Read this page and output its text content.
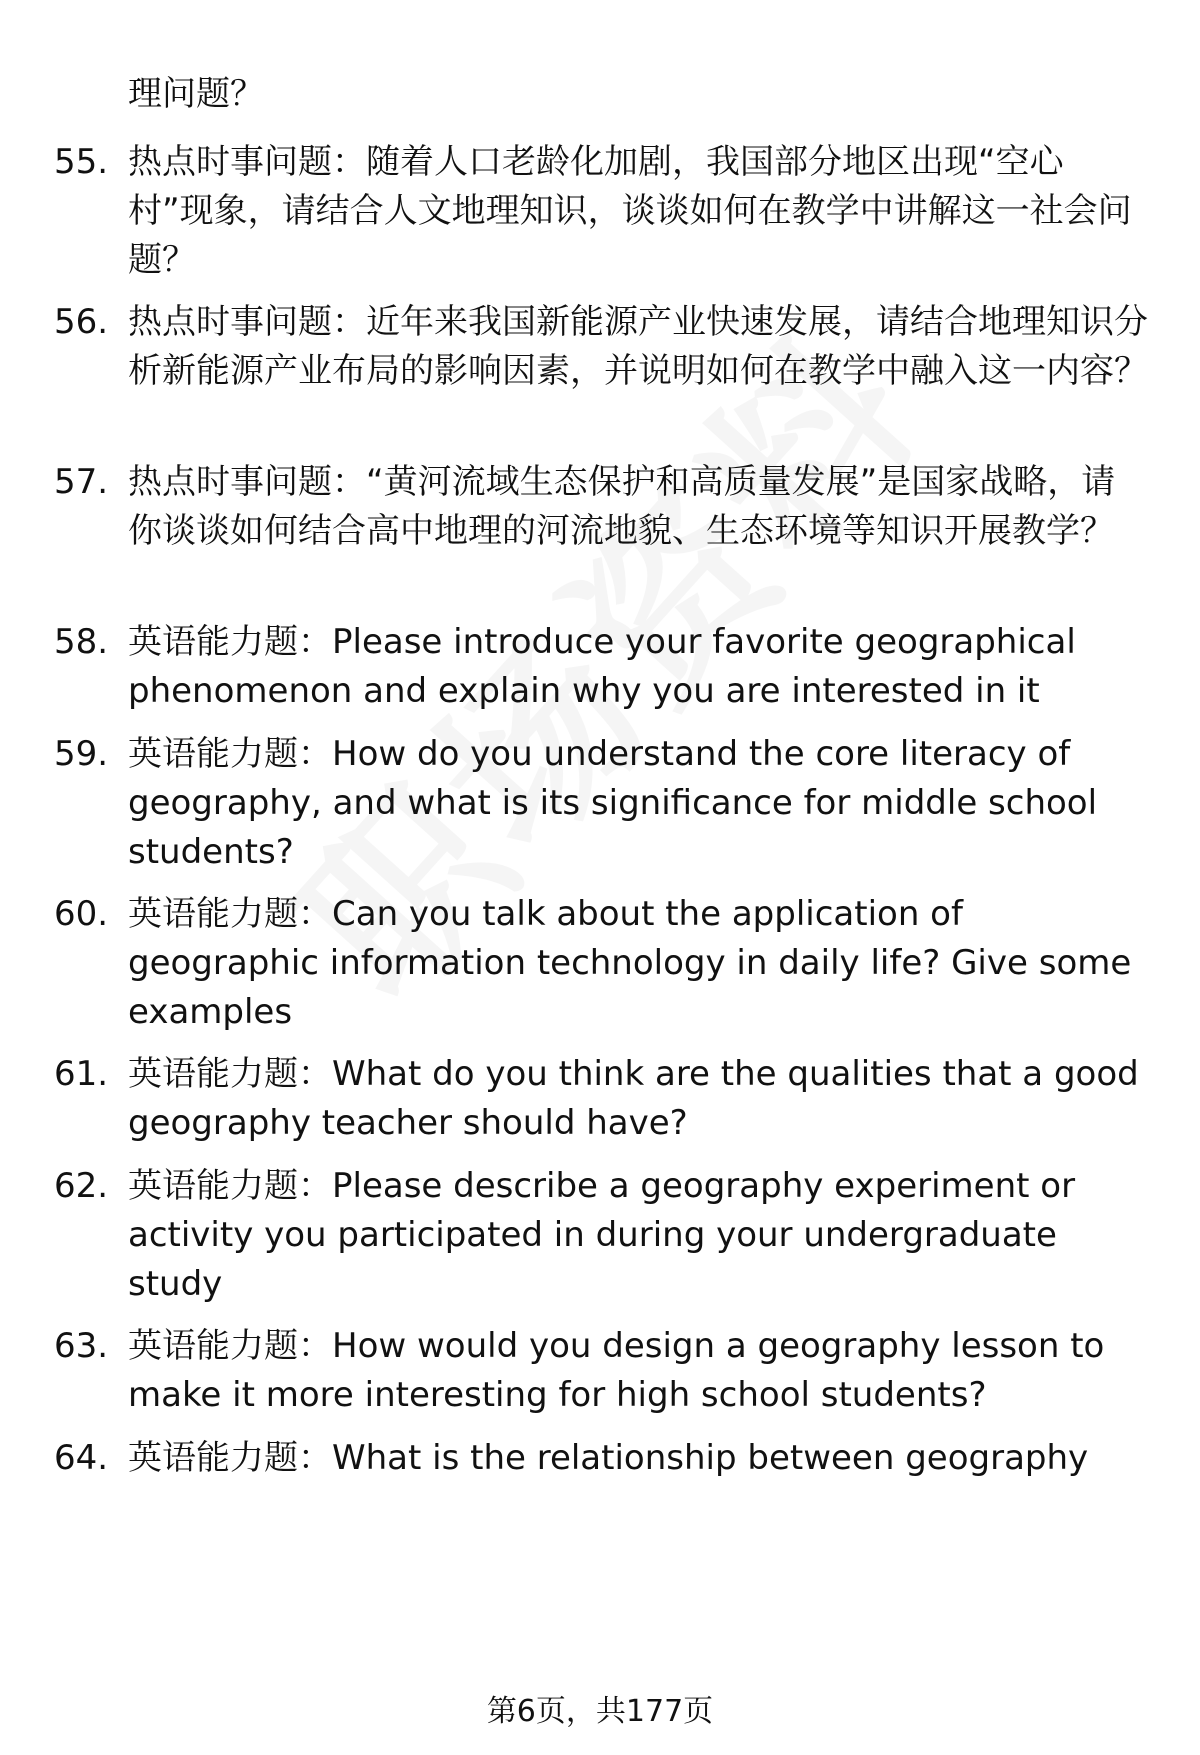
理问题？
55. 热点时事问题：随着人口老龄化加剧，我国部分地区出现“空心村”现象，请结合人文地理知识，谈谈如何在教学中讲解这一社会问题？
56. 热点时事问题：近年来我国新能源产业快速发展，请结合地理知识分析新能源产业布局的影响因素，并说明如何在教学中融入这一内容？
57. 热点时事问题：“黄河流域生态保护和高质量发展”是国家战略，请你谈谈如何结合高中地理的河流地貌、生态环境等知识开展教学？
58. 英语能力题：Please introduce your favorite geographical phenomenon and explain why you are interested in it
59. 英语能力题：How do you understand the core literacy of geography, and what is its significance for middle school students?
60. 英语能力题：Can you talk about the application of geographic information technology in daily life? Give some examples
61. 英语能力题：What do you think are the qualities that a good geography teacher should have?
62. 英语能力题：Please describe a geography experiment or activity you participated in during your undergraduate study
63. 英语能力题：How would you design a geography lesson to make it more interesting for high school students?
64. 英语能力题：What is the relationship between geography
第6页，共177页
